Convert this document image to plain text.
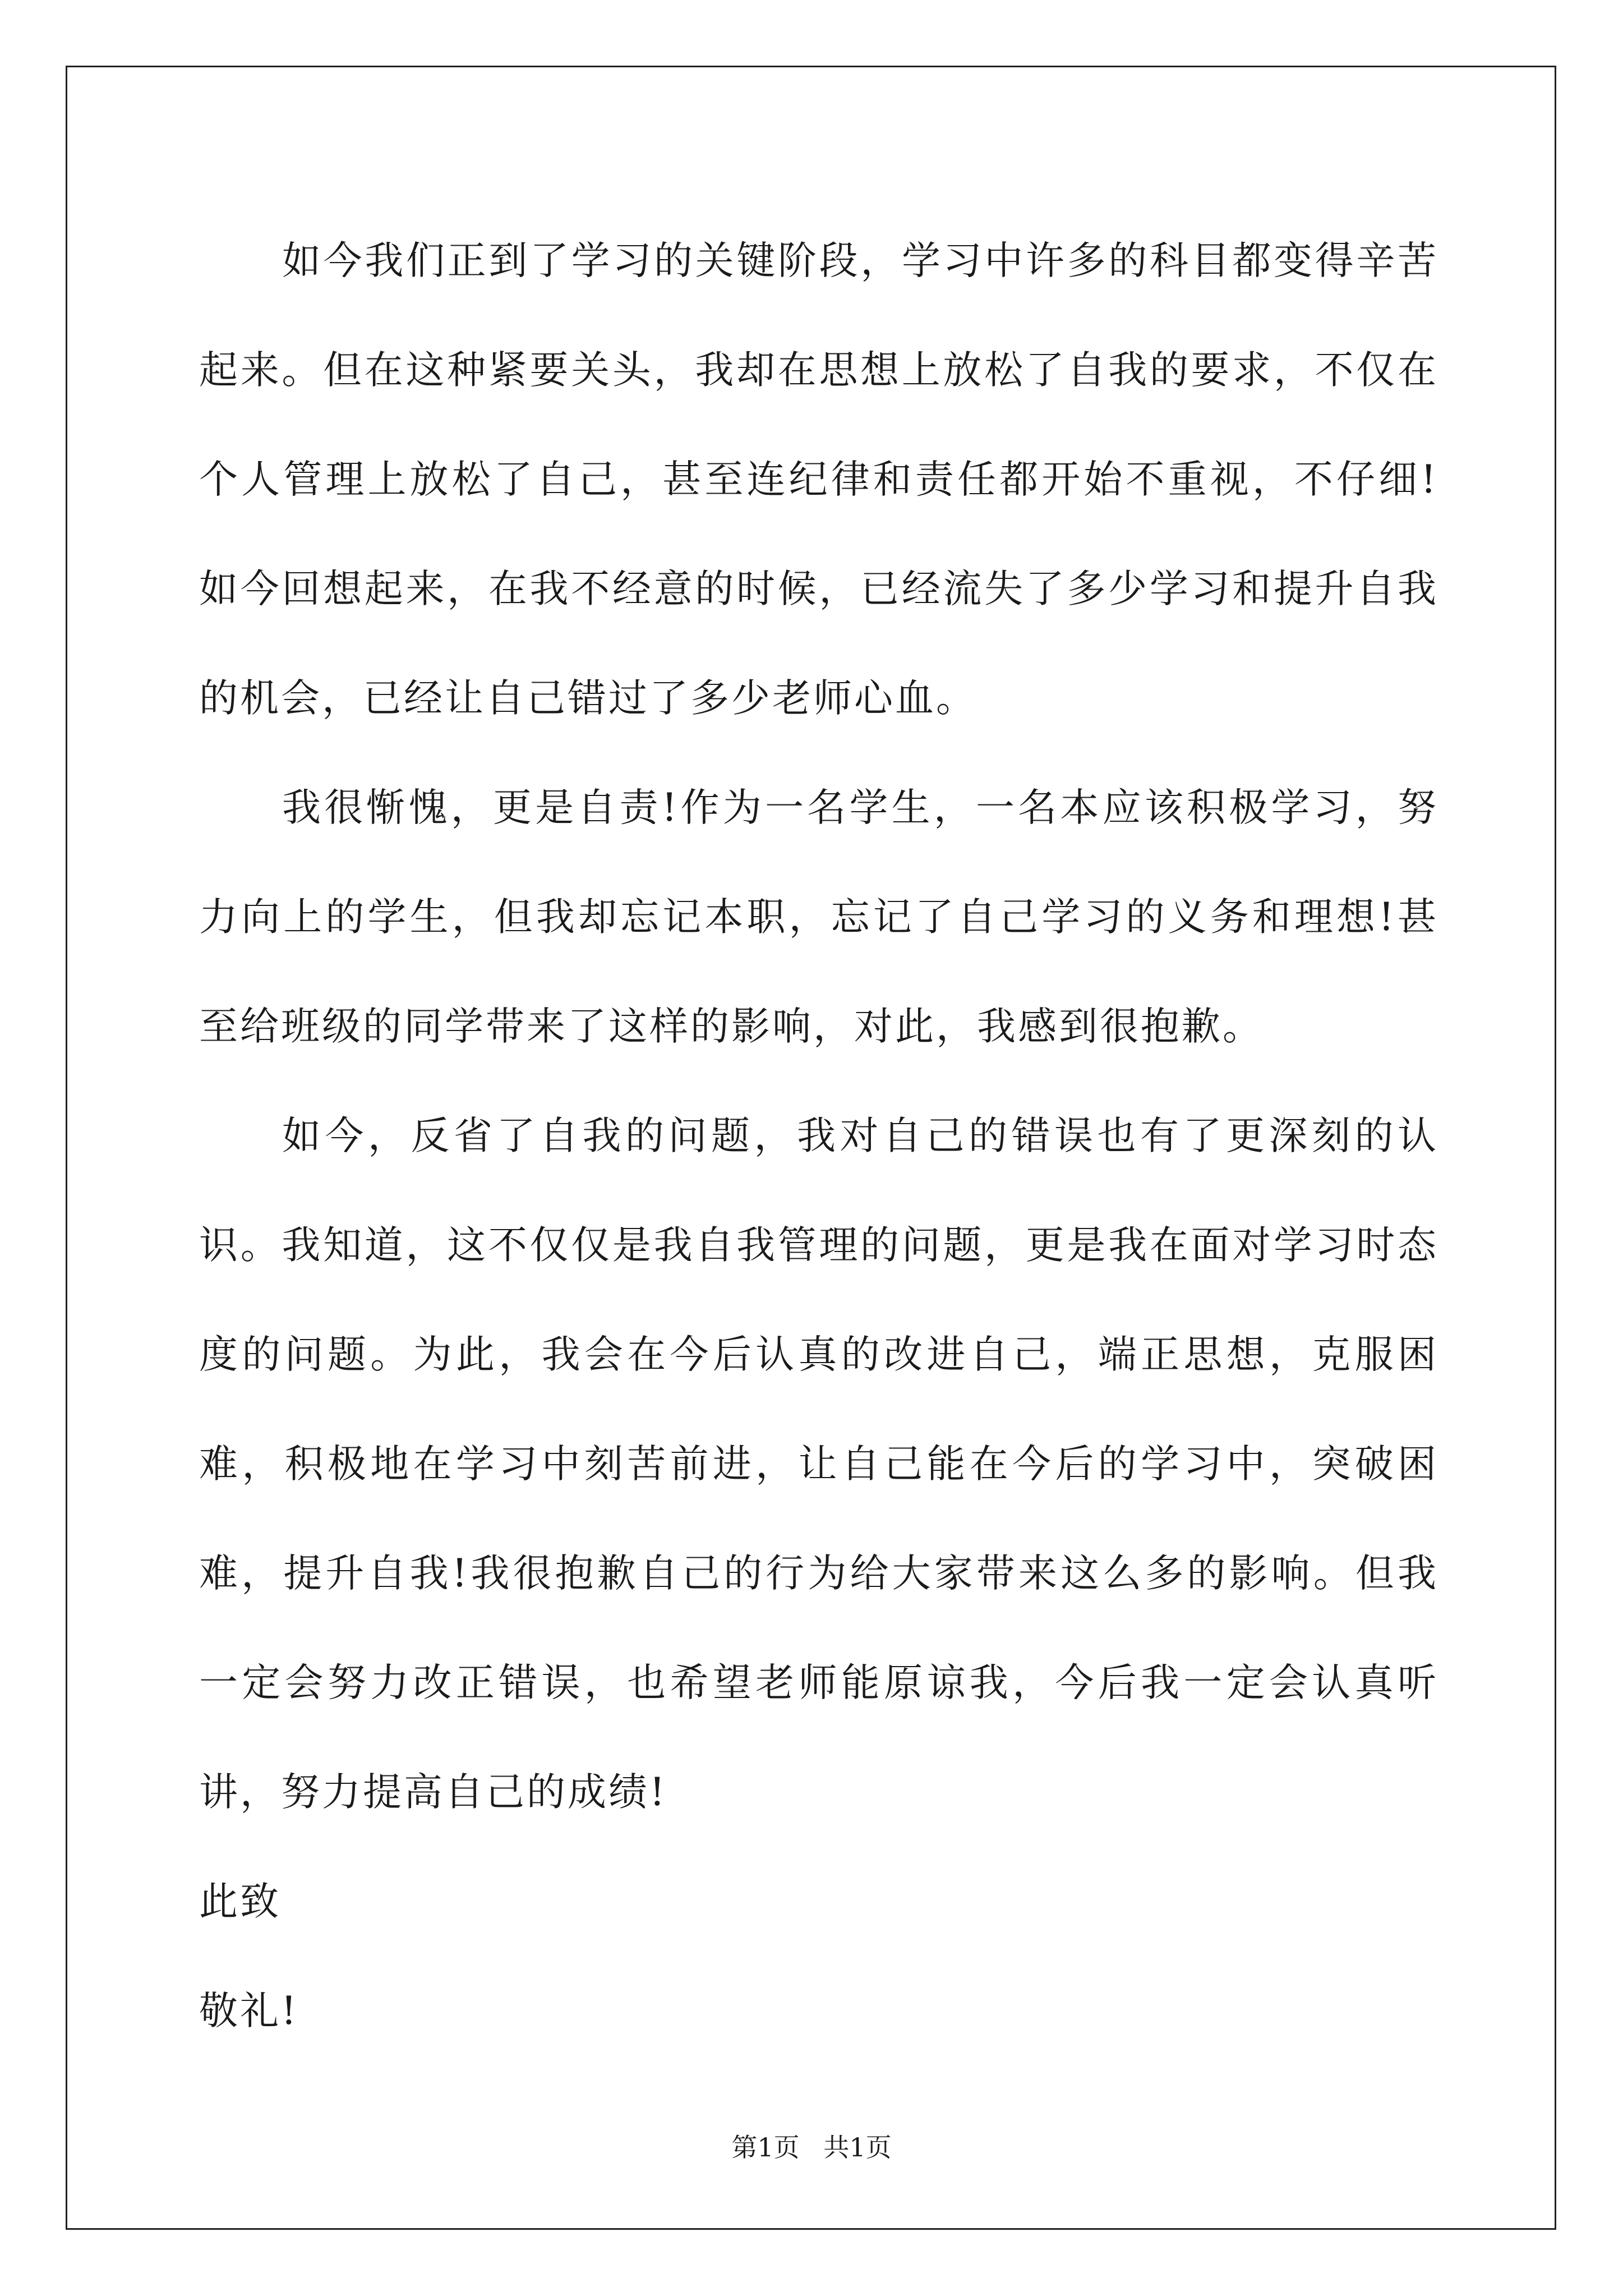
如今我们正到了学习的关键阶段，学习中许多的科目都变得辛苦起来。但在这种紧要关头，我却在思想上放松了自我的要求，不仅在个人管理上放松了自己，甚至连纪律和责任都开始不重视，不仔细!如今回想起来，在我不经意的时候，已经流失了多少学习和提升自我的机会，已经让自己错过了多少老师心血。

我很惭愧，更是自责!作为一名学生，一名本应该积极学习，努力向上的学生，但我却忘记本职，忘记了自己学习的义务和理想!甚至给班级的同学带来了这样的影响，对此，我感到很抱歉。

如今，反省了自我的问题，我对自己的错误也有了更深刻的认识。我知道，这不仅仅是我自我管理的问题，更是我在面对学习时态度的问题。为此，我会在今后认真的改进自己，端正思想，克服困难，积极地在学习中刻苦前进，让自己能在今后的学习中，突破困难，提升自我!我很抱歉自己的行为给大家带来这么多的影响。但我一定会努力改正错误，也希望老师能原谅我，今后我一定会认真听讲，努力提高自己的成绩!

此致

敬礼!

第1页 共1页
